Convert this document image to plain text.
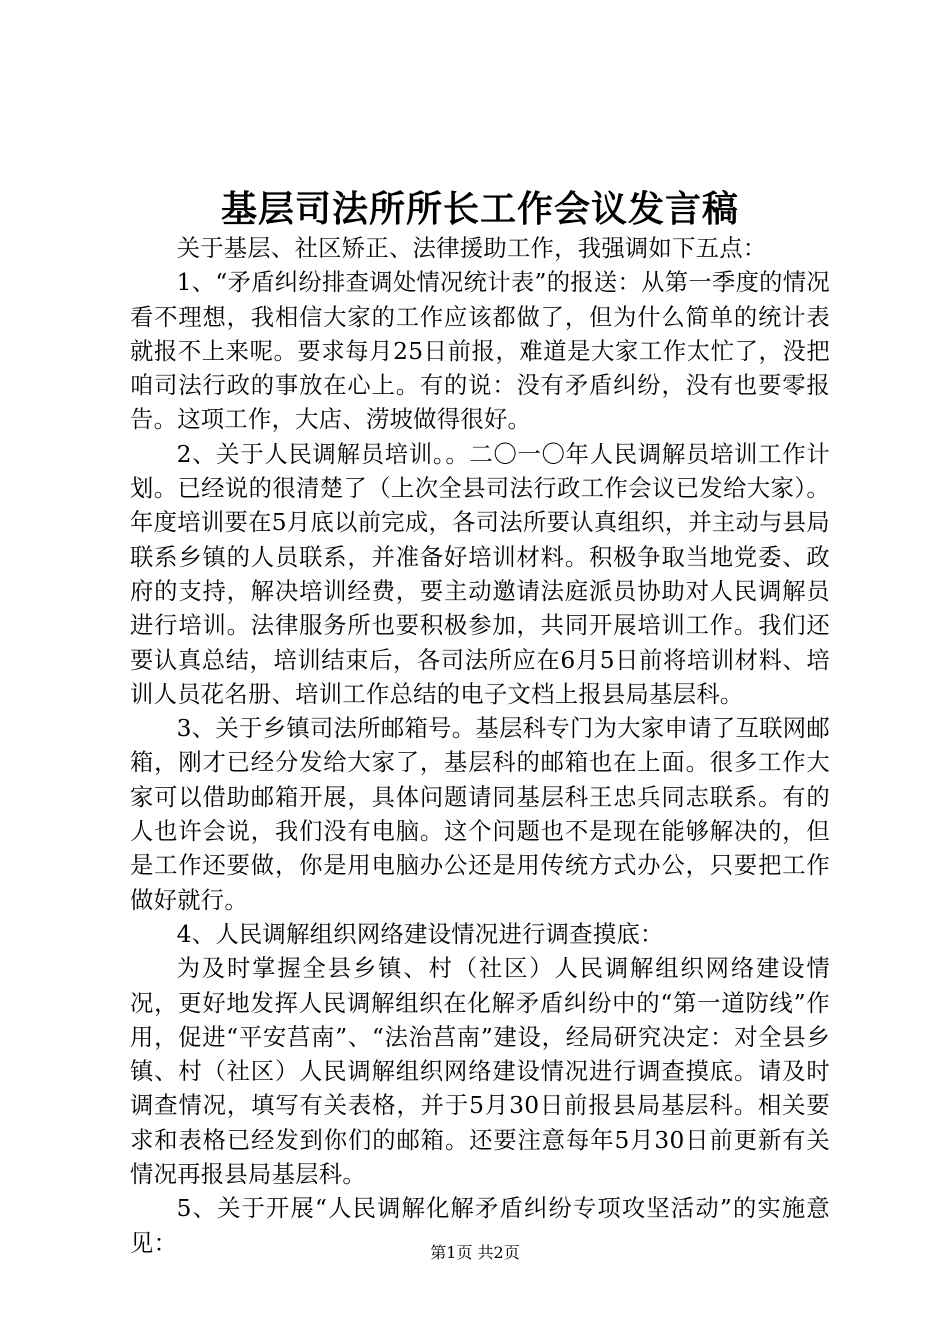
基层司法所所长工作会议发言稿

关于基层、社区矫正、法律援助工作，我强调如下五点：

1、“矛盾纠纷排查调处情况统计表”的报送：从第一季度的情况看不理想，我相信大家的工作应该都做了，但为什么简单的统计表就报不上来呢。要求每月25日前报，难道是大家工作太忙了，没把咱司法行政的事放在心上。有的说：没有矛盾纠纷，没有也要零报告。这项工作，大店、涝坡做得很好。

2、关于人民调解员培训。。二〇一〇年人民调解员培训工作计划。已经说的很清楚了（上次全县司法行政工作会议已发给大家）。年度培训要在5月底以前完成，各司法所要认真组织，并主动与县局联系乡镇的人员联系，并准备好培训材料。积极争取当地党委、政府的支持，解决培训经费，要主动邀请法庭派员协助对人民调解员进行培训。法律服务所也要积极参加，共同开展培训工作。我们还要认真总结，培训结束后，各司法所应在6月5日前将培训材料、培训人员花名册、培训工作总结的电子文档上报县局基层科。

3、关于乡镇司法所邮箱号。基层科专门为大家申请了互联网邮箱，刚才已经分发给大家了，基层科的邮箱也在上面。很多工作大家可以借助邮箱开展，具体问题请同基层科王忠兵同志联系。有的人也许会说，我们没有电脑。这个问题也不是现在能够解决的，但是工作还要做，你是用电脑办公还是用传统方式办公，只要把工作做好就行。

4、人民调解组织网络建设情况进行调查摸底：

为及时掌握全县乡镇、村（社区）人民调解组织网络建设情况，更好地发挥人民调解组织在化解矛盾纠纷中的“第一道防线”作用，促进“平安莒南”、“法治莒南”建设，经局研究决定：对全县乡镇、村（社区）人民调解组织网络建设情况进行调查摸底。请及时调查情况，填写有关表格，并于5月30日前报县局基层科。相关要求和表格已经发到你们的邮箱。还要注意每年5月30日前更新有关情况再报县局基层科。

5、关于开展“人民调解化解矛盾纠纷专项攻坚活动”的实施意见：	第1页 共2页
